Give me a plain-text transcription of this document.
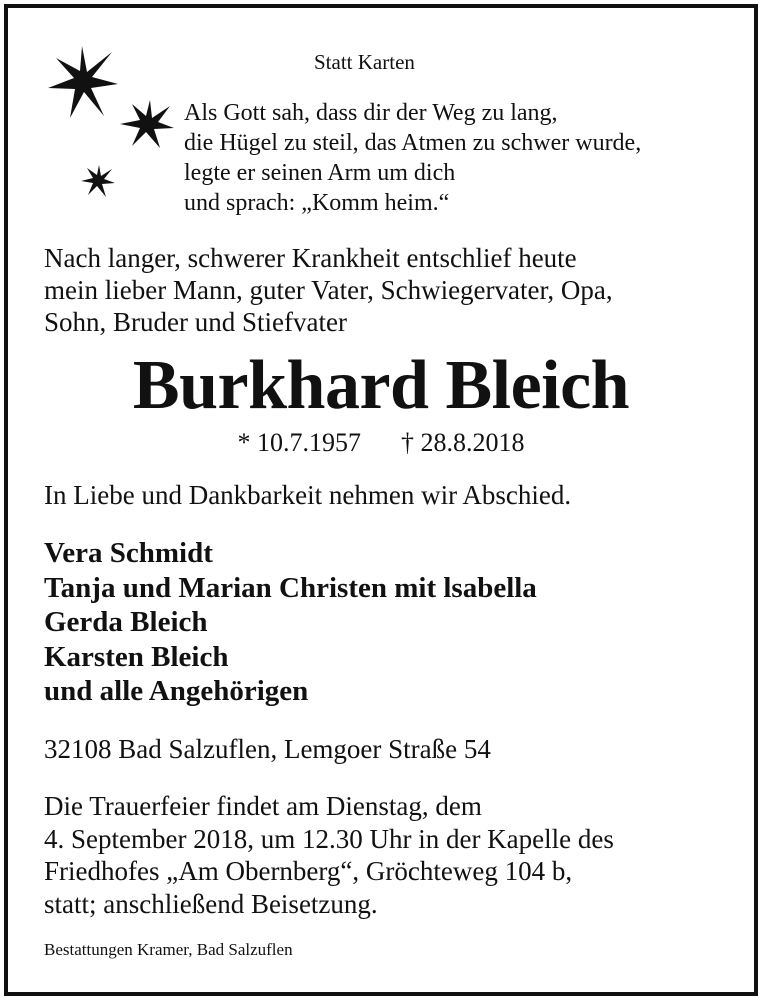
Statt Karten
Als Gott sah, dass dir der Weg zu lang,
die Hügel zu steil, das Atmen zu schwer wurde,
legte er seinen Arm um dich
und sprach: „Komm heim.“
Nach langer, schwerer Krankheit entschlief heute
mein lieber Mann, guter Vater, Schwiegervater, Opa,
Sohn, Bruder und Stiefvater
Burkhard Bleich
* 10.7.1957 † 28.8.2018
In Liebe und Dankbarkeit nehmen wir Abschied.
Vera Schmidt
Tanja und Marian Christen mit lsabella
Gerda Bleich
Karsten Bleich
und alle Angehörigen
32108 Bad Salzuflen, Lemgoer Straße 54
Die Trauerfeier findet am Dienstag, dem
4. September 2018, um 12.30 Uhr in der Kapelle des
Friedhofes „Am Obernberg“, Gröchteweg 104 b,
statt; anschließend Beisetzung.
Bestattungen Kramer, Bad Salzuflen
